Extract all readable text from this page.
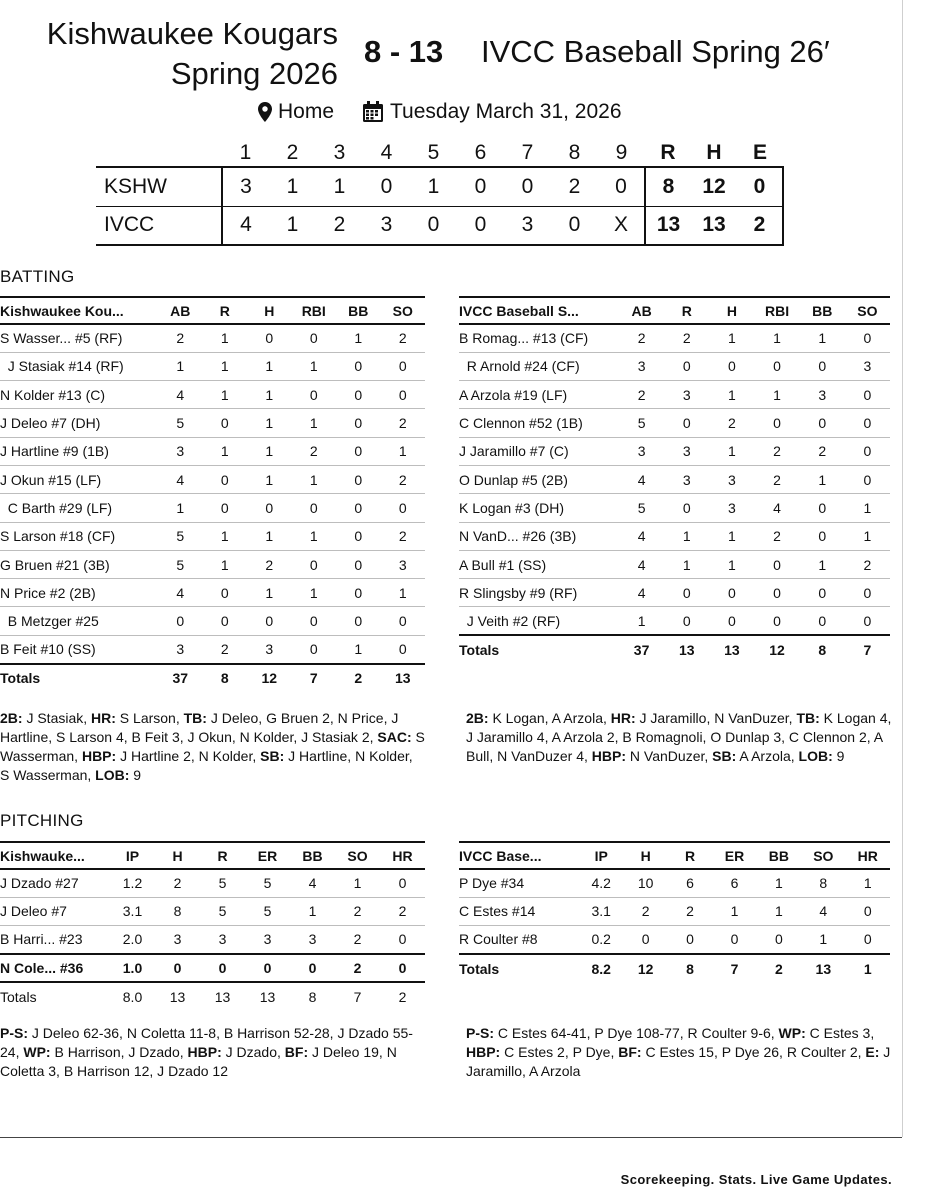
Kishwaukee Kougars
Spring 2026
8 - 13 IVCC Baseball Spring 26′
Home	Tuesday March 31, 2026
	1	2	3	4	5	6	7	8	9	R	H	E
KSHW	3	1	1	0	1	0	0	2	0	8	12	0
IVCC	4	1	2	3	0	0	3	0	X	13	13	2
BATTING
Kishwaukee Kou...	AB	R	H	RBI	BB	SO
S Wasser... #5 (RF)	2	1	0	0	1	2
J Stasiak #14 (RF)	1	1	1	1	0	0
N Kolder #13 (C)	4	1	1	0	0	0
J Deleo #7 (DH)	5	0	1	1	0	2
J Hartline #9 (1B)	3	1	1	2	0	1
J Okun #15 (LF)	4	0	1	1	0	2
C Barth #29 (LF)	1	0	0	0	0	0
S Larson #18 (CF)	5	1	1	1	0	2
G Bruen #21 (3B)	5	1	2	0	0	3
N Price #2 (2B)	4	0	1	1	0	1
B Metzger #25	0	0	0	0	0	0
B Feit #10 (SS)	3	2	3	0	1	0
Totals	37	8	12	7	2	13
IVCC Baseball S...	AB	R	H	RBI	BB	SO
B Romag... #13 (CF)	2	2	1	1	1	0
R Arnold #24 (CF)	3	0	0	0	0	3
A Arzola #19 (LF)	2	3	1	1	3	0
C Clennon #52 (1B)	5	0	2	0	0	0
J Jaramillo #7 (C)	3	3	1	2	2	0
O Dunlap #5 (2B)	4	3	3	2	1	0
K Logan #3 (DH)	5	0	3	4	0	1
N VanD... #26 (3B)	4	1	1	2	0	1
A Bull #1 (SS)	4	1	1	0	1	2
R Slingsby #9 (RF)	4	0	0	0	0	0
J Veith #2 (RF)	1	0	0	0	0	0
Totals	37	13	13	12	8	7
2B: J Stasiak, HR: S Larson, TB: J Deleo, G Bruen 2, N Price, J Hartline, S Larson 4, B Feit 3, J Okun, N Kolder, J Stasiak 2, SAC: S Wasserman, HBP: J Hartline 2, N Kolder, SB: J Hartline, N Kolder, S Wasserman, LOB: 9
2B: K Logan, A Arzola, HR: J Jaramillo, N VanDuzer, TB: K Logan 4, J Jaramillo 4, A Arzola 2, B Romagnoli, O Dunlap 3, C Clennon 2, A Bull, N VanDuzer 4, HBP: N VanDuzer, SB: A Arzola, LOB: 9
PITCHING
Kishwauke...	IP	H	R	ER	BB	SO	HR
J Dzado #27	1.2	2	5	5	4	1	0
J Deleo #7	3.1	8	5	5	1	2	2
B Harri... #23	2.0	3	3	3	3	2	0
N Cole... #36	1.0	0	0	0	0	2	0
Totals	8.0	13	13	13	8	7	2
IVCC Base...	IP	H	R	ER	BB	SO	HR
P Dye #34	4.2	10	6	6	1	8	1
C Estes #14	3.1	2	2	1	1	4	0
R Coulter #8	0.2	0	0	0	0	1	0
Totals	8.2	12	8	7	2	13	1
P-S: J Deleo 62-36, N Coletta 11-8, B Harrison 52-28, J Dzado 55-24, WP: B Harrison, J Dzado, HBP: J Dzado, BF: J Deleo 19, N Coletta 3, B Harrison 12, J Dzado 12
P-S: C Estes 64-41, P Dye 108-77, R Coulter 9-6, WP: C Estes 3, HBP: C Estes 2, P Dye, BF: C Estes 15, P Dye 26, R Coulter 2, E: J Jaramillo, A Arzola
Scorekeeping. Stats. Live Game Updates.
